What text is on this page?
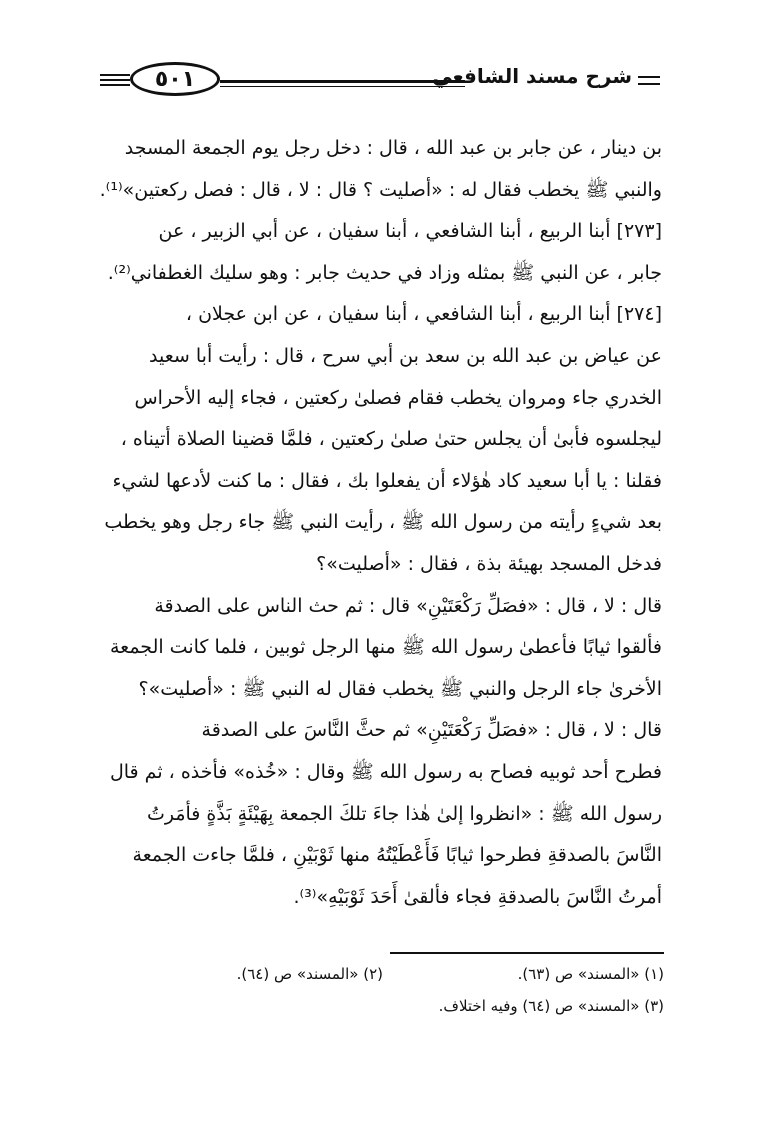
٥٠١	شرح مسند الشافعي
بن دينار ، عن جابر بن عبد الله ، قال : دخل رجل يوم الجمعة المسجد
والنبي ﷺ يخطب فقال له : «أصليت ؟ قال : لا ، قال : فصل ركعتين»⁽¹⁾.
[٢٧٣] أبنا الربيع ، أبنا الشافعي ، أبنا سفيان ، عن أبي الزبير ، عن
جابر ، عن النبي ﷺ بمثله وزاد في حديث جابر : وهو سليك الغطفاني⁽²⁾.
[٢٧٤] أبنا الربيع ، أبنا الشافعي ، أبنا سفيان ، عن ابن عجلان ،
عن عياض بن عبد الله بن سعد بن أبي سرح ، قال : رأيت أبا سعيد
الخدري جاء ومروان يخطب فقام فصلىٰ ركعتين ، فجاء إليه الأحراس
ليجلسوه فأبىٰ أن يجلس حتىٰ صلىٰ ركعتين ، فلمَّا قضينا الصلاة أتيناه ،
فقلنا : يا أبا سعيد كاد هٰؤلاء أن يفعلوا بك ، فقال : ما كنت لأدعها لشيء
بعد شيءٍ رأيته من رسول الله ﷺ ، رأيت النبي ﷺ جاء رجل وهو يخطب
فدخل المسجد بهيئة بذة ، فقال : «أصليت»؟
قال : لا ، قال : «فصَلِّ رَكْعَتَيْنِ» قال : ثم حث الناس على الصدقة
فألقوا ثيابًا فأعطىٰ رسول الله ﷺ منها الرجل ثوبين ، فلما كانت الجمعة
الأخرىٰ جاء الرجل والنبي ﷺ يخطب فقال له النبي ﷺ : «أصليت»؟
قال : لا ، قال : «فصَلِّ رَكْعَتَيْنِ» ثم حثَّ النَّاسَ على الصدقة
فطرح أحد ثوبيه فصاح به رسول الله ﷺ وقال : «خُذه» فأخذه ، ثم قال
رسول الله ﷺ : «انظروا إلىٰ هٰذا جاءَ تلكَ الجمعة بِهَيْئَةٍ بَذَّةٍ فأمَرتُ
النَّاسَ بالصدقةِ فطرحوا ثيابًا فَأَعْطَيْتُهُ منها ثَوْبَيْنِ ، فلمَّا جاءت الجمعة
أمرتُ النَّاسَ بالصدقةِ فجاء فألقىٰ أَحَدَ ثَوْبَيْهِ»⁽³⁾.
(١) «المسند» ص (٦٣).(٢) «المسند» ص (٦٤).
(٣) «المسند» ص (٦٤) وفيه اختلاف.
